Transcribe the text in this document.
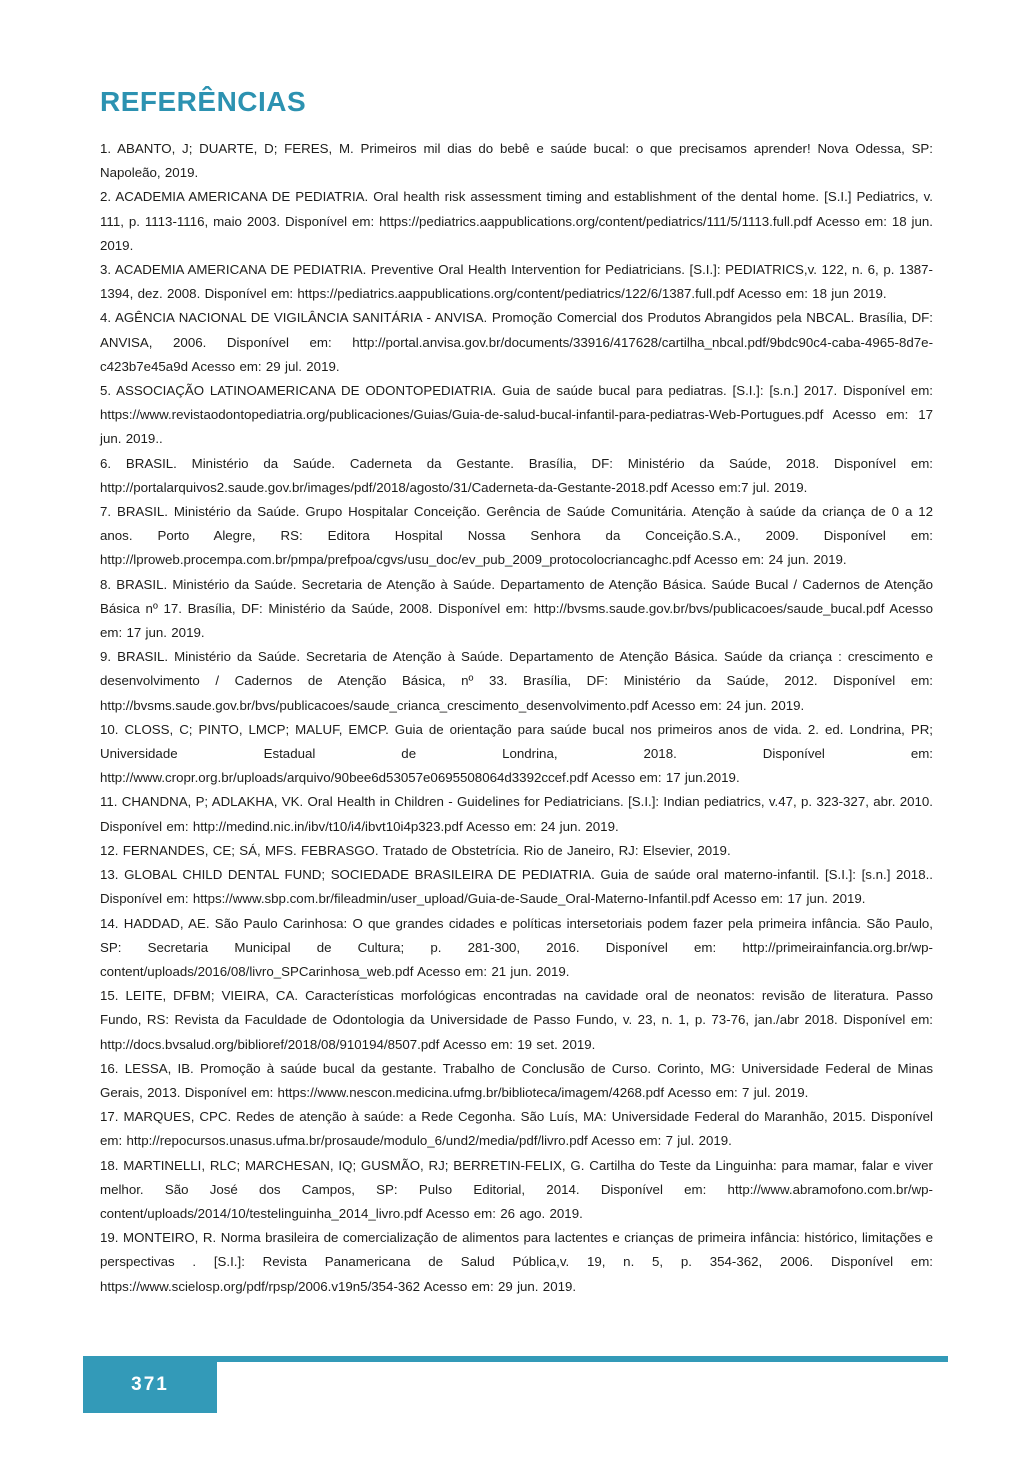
REFERÊNCIAS

1. ABANTO, J; DUARTE, D; FERES, M. Primeiros mil dias do bebê e saúde bucal: o que precisamos aprender! Nova Odessa, SP: Napoleão, 2019.

2. ACADEMIA AMERICANA DE PEDIATRIA. Oral health risk assessment timing and establishment of the dental home. [S.I.] Pediatrics, v. 111, p. 1113-1116, maio 2003. Disponível em: https://pediatrics.aappublications.org/content/pediatrics/111/5/1113.full.pdf Acesso em: 18 jun. 2019.

3. ACADEMIA AMERICANA DE PEDIATRIA. Preventive Oral Health Intervention for Pediatricians. [S.I.]: PEDIATRICS,v. 122, n. 6, p. 1387-1394, dez. 2008. Disponível em: https://pediatrics.aappublications.org/content/pediatrics/122/6/1387.full.pdf Acesso em: 18 jun 2019.

4. AGÊNCIA NACIONAL DE VIGILÂNCIA SANITÁRIA - ANVISA. Promoção Comercial dos Produtos Abrangidos pela NBCAL. Brasília, DF: ANVISA, 2006. Disponível em: http://portal.anvisa.gov.br/documents/33916/417628/cartilha_nbcal.pdf/9bdc90c4-caba-4965-8d7e-c423b7e45a9d Acesso em: 29 jul. 2019.

5. ASSOCIAÇÃO LATINOAMERICANA DE ODONTOPEDIATRIA. Guia de saúde bucal para pediatras. [S.I.]: [s.n.] 2017. Disponível em: https://www.revistaodontopediatria.org/publicaciones/Guias/Guia-de-salud-bucal-infantil-para-pediatras-Web-Portugues.pdf Acesso em: 17 jun. 2019..

6. BRASIL. Ministério da Saúde. Caderneta da Gestante. Brasília, DF: Ministério da Saúde, 2018. Disponível em: http://portalarquivos2.saude.gov.br/images/pdf/2018/agosto/31/Caderneta-da-Gestante-2018.pdf Acesso em:7 jul. 2019.

7. BRASIL. Ministério da Saúde. Grupo Hospitalar Conceição. Gerência de Saúde Comunitária. Atenção à saúde da criança de 0 a 12 anos. Porto Alegre, RS: Editora Hospital Nossa Senhora da Conceição.S.A., 2009. Disponível em: http://lproweb.procempa.com.br/pmpa/prefpoa/cgvs/usu_doc/ev_pub_2009_protocolocriancaghc.pdf Acesso em: 24 jun. 2019.

8. BRASIL. Ministério da Saúde. Secretaria de Atenção à Saúde. Departamento de Atenção Básica. Saúde Bucal / Cadernos de Atenção Básica nº 17. Brasília, DF: Ministério da Saúde, 2008. Disponível em: http://bvsms.saude.gov.br/bvs/publicacoes/saude_bucal.pdf Acesso em: 17 jun. 2019.

9. BRASIL. Ministério da Saúde. Secretaria de Atenção à Saúde. Departamento de Atenção Básica. Saúde da criança : crescimento e desenvolvimento / Cadernos de Atenção Básica, nº 33. Brasília, DF: Ministério da Saúde, 2012. Disponível em: http://bvsms.saude.gov.br/bvs/publicacoes/saude_crianca_crescimento_desenvolvimento.pdf Acesso em: 24 jun. 2019.

10. CLOSS, C; PINTO, LMCP; MALUF, EMCP. Guia de orientação para saúde bucal nos primeiros anos de vida. 2. ed. Londrina, PR; Universidade Estadual de Londrina, 2018. Disponível em: http://www.cropr.org.br/uploads/arquivo/90bee6d53057e0695508064d3392ccef.pdf Acesso em: 17 jun.2019.

11. CHANDNA, P; ADLAKHA, VK. Oral Health in Children - Guidelines for Pediatricians. [S.I.]: Indian pediatrics, v.47, p. 323-327, abr. 2010. Disponível em: http://medind.nic.in/ibv/t10/i4/ibvt10i4p323.pdf Acesso em: 24 jun. 2019.

12. FERNANDES, CE; SÁ, MFS. FEBRASGO. Tratado de Obstetrícia. Rio de Janeiro, RJ: Elsevier, 2019.

13. GLOBAL CHILD DENTAL FUND; SOCIEDADE BRASILEIRA DE PEDIATRIA. Guia de saúde oral materno-infantil. [S.I.]: [s.n.] 2018.. Disponível em: https://www.sbp.com.br/fileadmin/user_upload/Guia-de-Saude_Oral-Materno-Infantil.pdf Acesso em: 17 jun. 2019.

14. HADDAD, AE. São Paulo Carinhosa: O que grandes cidades e políticas intersetoriais podem fazer pela primeira infância. São Paulo, SP: Secretaria Municipal de Cultura; p. 281-300, 2016. Disponível em: http://primeirainfancia.org.br/wp-content/uploads/2016/08/livro_SPCarinhosa_web.pdf Acesso em: 21 jun. 2019.

15. LEITE, DFBM; VIEIRA, CA. Características morfológicas encontradas na cavidade oral de neonatos: revisão de literatura. Passo Fundo, RS: Revista da Faculdade de Odontologia da Universidade de Passo Fundo, v. 23, n. 1, p. 73-76, jan./abr 2018. Disponível em: http://docs.bvsalud.org/biblioref/2018/08/910194/8507.pdf Acesso em: 19 set. 2019.

16. LESSA, IB. Promoção à saúde bucal da gestante. Trabalho de Conclusão de Curso. Corinto, MG: Universidade Federal de Minas Gerais, 2013. Disponível em: https://www.nescon.medicina.ufmg.br/biblioteca/imagem/4268.pdf Acesso em: 7 jul. 2019.

17. MARQUES, CPC. Redes de atenção à saúde: a Rede Cegonha. São Luís, MA: Universidade Federal do Maranhão, 2015. Disponível em: http://repocursos.unasus.ufma.br/prosaude/modulo_6/und2/media/pdf/livro.pdf Acesso em: 7 jul. 2019.

18. MARTINELLI, RLC; MARCHESAN, IQ; GUSMÃO, RJ; BERRETIN-FELIX, G. Cartilha do Teste da Linguinha: para mamar, falar e viver melhor. São José dos Campos, SP: Pulso Editorial, 2014. Disponível em: http://www.abramofono.com.br/wp-content/uploads/2014/10/testelinguinha_2014_livro.pdf Acesso em: 26 ago. 2019.

19. MONTEIRO, R. Norma brasileira de comercialização de alimentos para lactentes e crianças de primeira infância: histórico, limitações e perspectivas . [S.I.]: Revista Panamericana de Salud Pública,v. 19, n. 5, p. 354-362, 2006. Disponível em: https://www.scielosp.org/pdf/rpsp/2006.v19n5/354-362 Acesso em: 29 jun. 2019.

371
